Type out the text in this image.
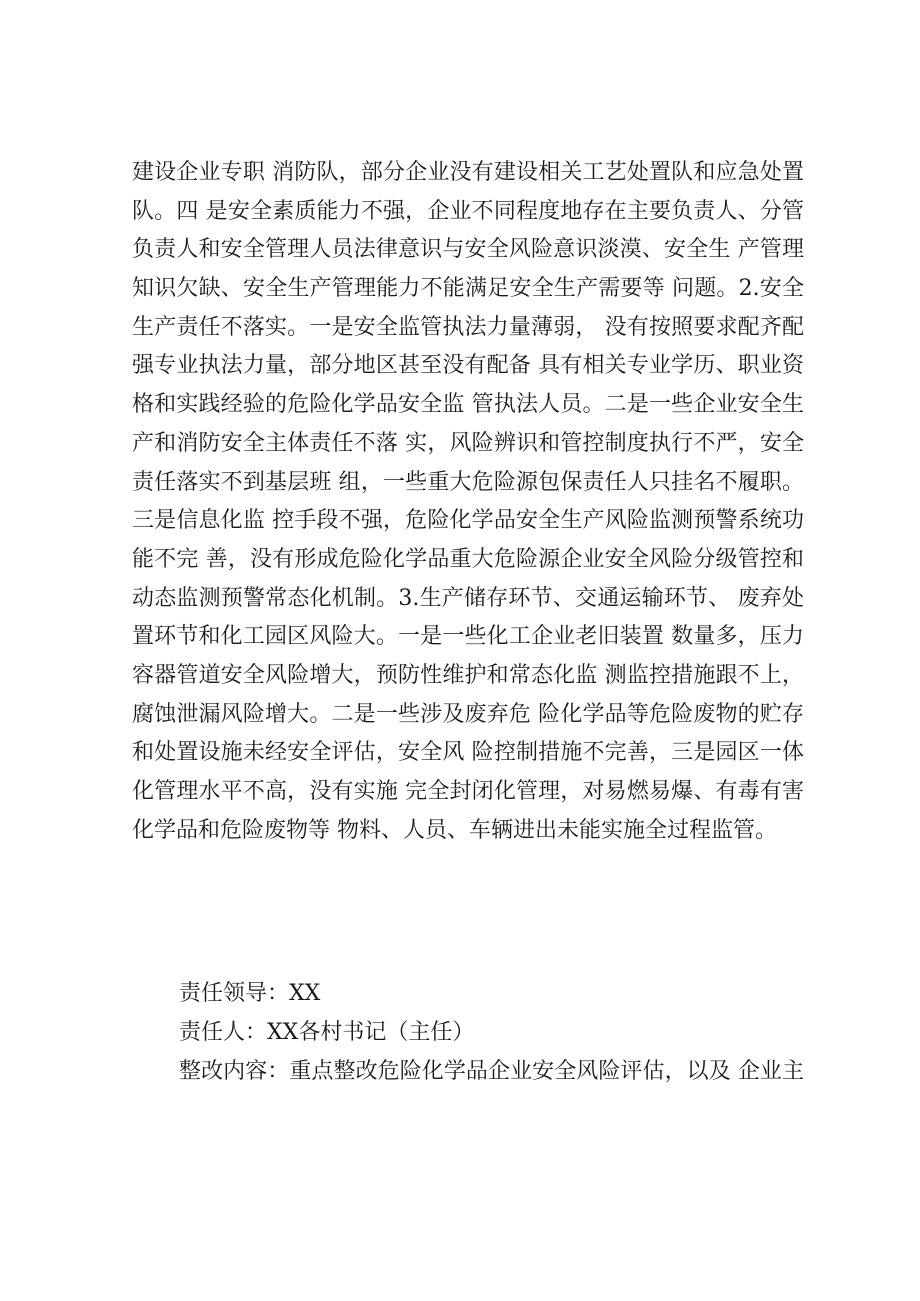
建设企业专职 消防队，部分企业没有建设相关工艺处置队和应急处置
队。四 是安全素质能力不强，企业不同程度地存在主要负责人、分管
负责人和安全管理人员法律意识与安全风险意识淡漠、安全生 产管理
知识欠缺、安全生产管理能力不能满足安全生产需要等 问题。2.安全
生产责任不落实。一是安全监管执法力量薄弱， 没有按照要求配齐配
强专业执法力量，部分地区甚至没有配备 具有相关专业学历、职业资
格和实践经验的危险化学品安全监 管执法人员。二是一些企业安全生
产和消防安全主体责任不落 实，风险辨识和管控制度执行不严，安全
责任落实不到基层班 组，一些重大危险源包保责任人只挂名不履职。
三是信息化监 控手段不强，危险化学品安全生产风险监测预警系统功
能不完 善，没有形成危险化学品重大危险源企业安全风险分级管控和
动态监测预警常态化机制。3.生产储存环节、交通运输环节、 废弃处
置环节和化工园区风险大。一是一些化工企业老旧装置 数量多，压力
容器管道安全风险增大，预防性维护和常态化监 测监控措施跟不上，
腐蚀泄漏风险增大。二是一些涉及废弃危 险化学品等危险废物的贮存
和处置设施未经安全评估，安全风 险控制措施不完善，三是园区一体
化管理水平不高，没有实施 完全封闭化管理，对易燃易爆、有毒有害
化学品和危险废物等 物料、人员、车辆进出未能实施全过程监管。
责任领导：XX
责任人：XX各村书记（主任）
整改内容：重点整改危险化学品企业安全风险评估，以及 企业主
